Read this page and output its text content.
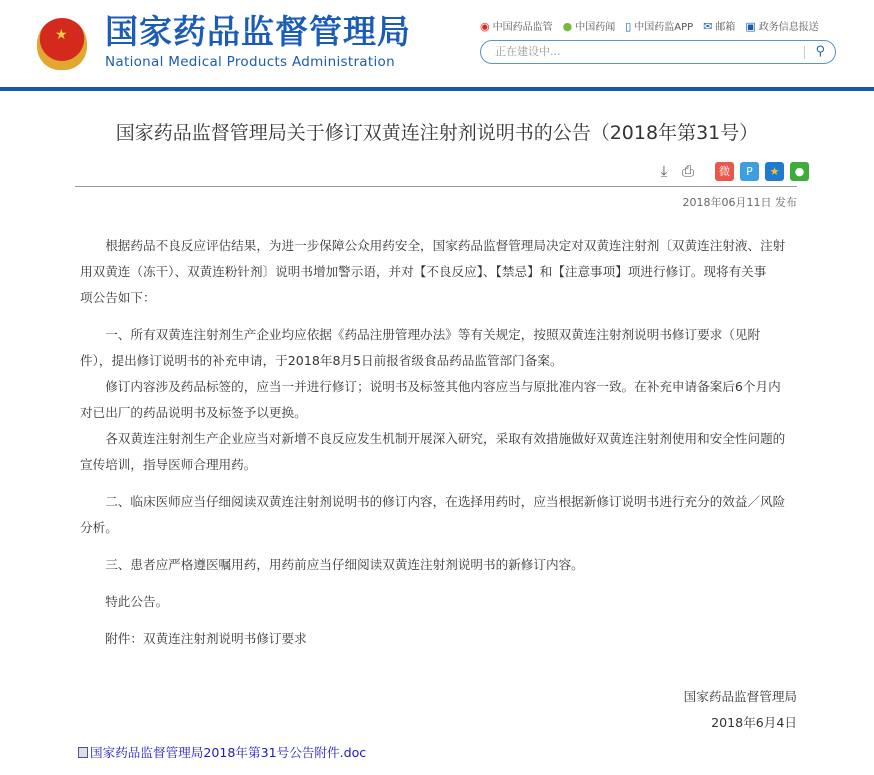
★ 国家药品监督管理局
National Medical Products Administration
◉ 中国药品监管 ● 中国药闻 ▯ 中国药监APP ✉ 邮箱 ▣ 政务信息报送
正在建设中...	⚲
国家药品监督管理局关于修订双黄连注射剂说明书的公告（2018年第31号）
⤓ ⎙	微	P	★	●
2018年06月11日 发布
根据药品不良反应评估结果，为进一步保障公众用药安全，国家药品监督管理局决定对双黄连注射剂〔双黄连注射液、注射
用双黄连（冻干）、双黄连粉针剂〕说明书增加警示语，并对【不良反应】、【禁忌】和【注意事项】项进行修订。现将有关事
项公告如下：
一、所有双黄连注射剂生产企业均应依据《药品注册管理办法》等有关规定，按照双黄连注射剂说明书修订要求（见附
件），提出修订说明书的补充申请，于2018年8月5日前报省级食品药品监管部门备案。
修订内容涉及药品标签的，应当一并进行修订；说明书及标签其他内容应当与原批准内容一致。在补充申请备案后6个月内
对已出厂的药品说明书及标签予以更换。
各双黄连注射剂生产企业应当对新增不良反应发生机制开展深入研究，采取有效措施做好双黄连注射剂使用和安全性问题的
宣传培训，指导医师合理用药。
二、临床医师应当仔细阅读双黄连注射剂说明书的修订内容，在选择用药时，应当根据新修订说明书进行充分的效益／风险
分析。
三、患者应严格遵医嘱用药，用药前应当仔细阅读双黄连注射剂说明书的新修订内容。
特此公告。
附件：双黄连注射剂说明书修订要求
国家药品监督管理局
2018年6月4日
国家药品监督管理局2018年第31号公告附件.doc
